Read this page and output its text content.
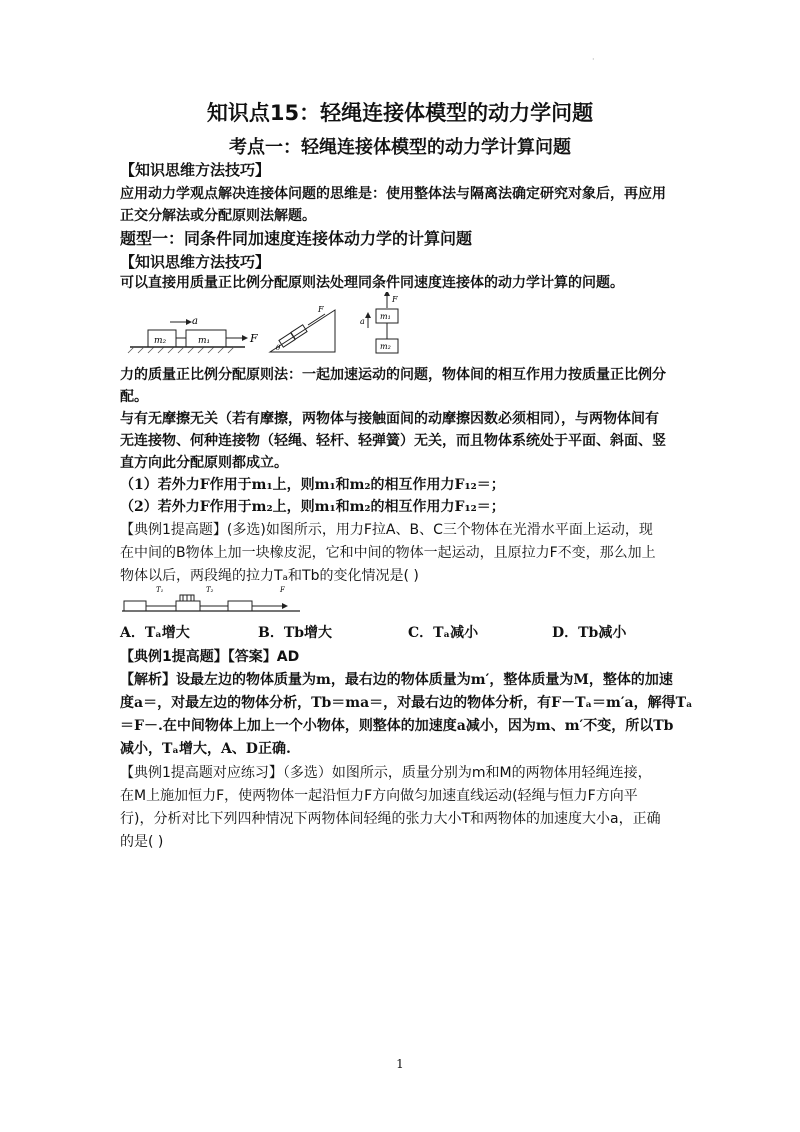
·
知识点15：轻绳连接体模型的动力学问题
考点一：轻绳连接体模型的动力学计算问题
【知识思维方法技巧】
应用动力学观点解决连接体问题的思维是：使用整体法与隔离法确定研究对象后，再应用
正交分解法或分配原则法解题。
题型一：同条件同加速度连接体动力学的计算问题
【知识思维方法技巧】
可以直接用质量正比例分配原则法处理同条件同速度连接体的动力学计算的问题。
m₂	m₁
a
F
θ
F
m₁
m₂
F
a
力的质量正比例分配原则法：一起加速运动的问题，物体间的相互作用力按质量正比例分
配。
与有无摩擦无关（若有摩擦，两物体与接触面间的动摩擦因数必须相同），与两物体间有
无连接物、何种连接物（轻绳、轻杆、轻弹簧）无关，而且物体系统处于平面、斜面、竖
直方向此分配原则都成立。
（1）若外力F作用于m₁上，则m₁和m₂的相互作用力F₁₂＝；
（2）若外力F作用于m₂上，则m₁和m₂的相互作用力F₁₂＝；
【典例1提高题】(多选)如图所示，用力F拉A、B、C三个物体在光滑水平面上运动，现
在中间的B物体上加一块橡皮泥，它和中间的物体一起运动，且原拉力F不变，那么加上
物体以后，两段绳的拉力Tₐ和Tb的变化情况是( )
T₁	T₂	F
A．Tₐ增大	B．Tb增大	C．Tₐ减小	D．Tb减小
【典例1提高题】【答案】AD
【解析】设最左边的物体质量为m，最右边的物体质量为m′，整体质量为M，整体的加速
度a＝，对最左边的物体分析，Tb＝ma＝，对最右边的物体分析，有F－Tₐ＝m′a，解得Tₐ
＝F－.在中间物体上加上一个小物体，则整体的加速度a减小，因为m、m′不变，所以Tb
减小，Tₐ增大，A、D正确.
【典例1提高题对应练习】（多选）如图所示，质量分别为m和M的两物体用轻绳连接，
在M上施加恒力F，使两物体一起沿恒力F方向做匀加速直线运动(轻绳与恒力F方向平
行)，分析对比下列四种情况下两物体间轻绳的张力大小T和两物体的加速度大小a，正确
的是( )
1
